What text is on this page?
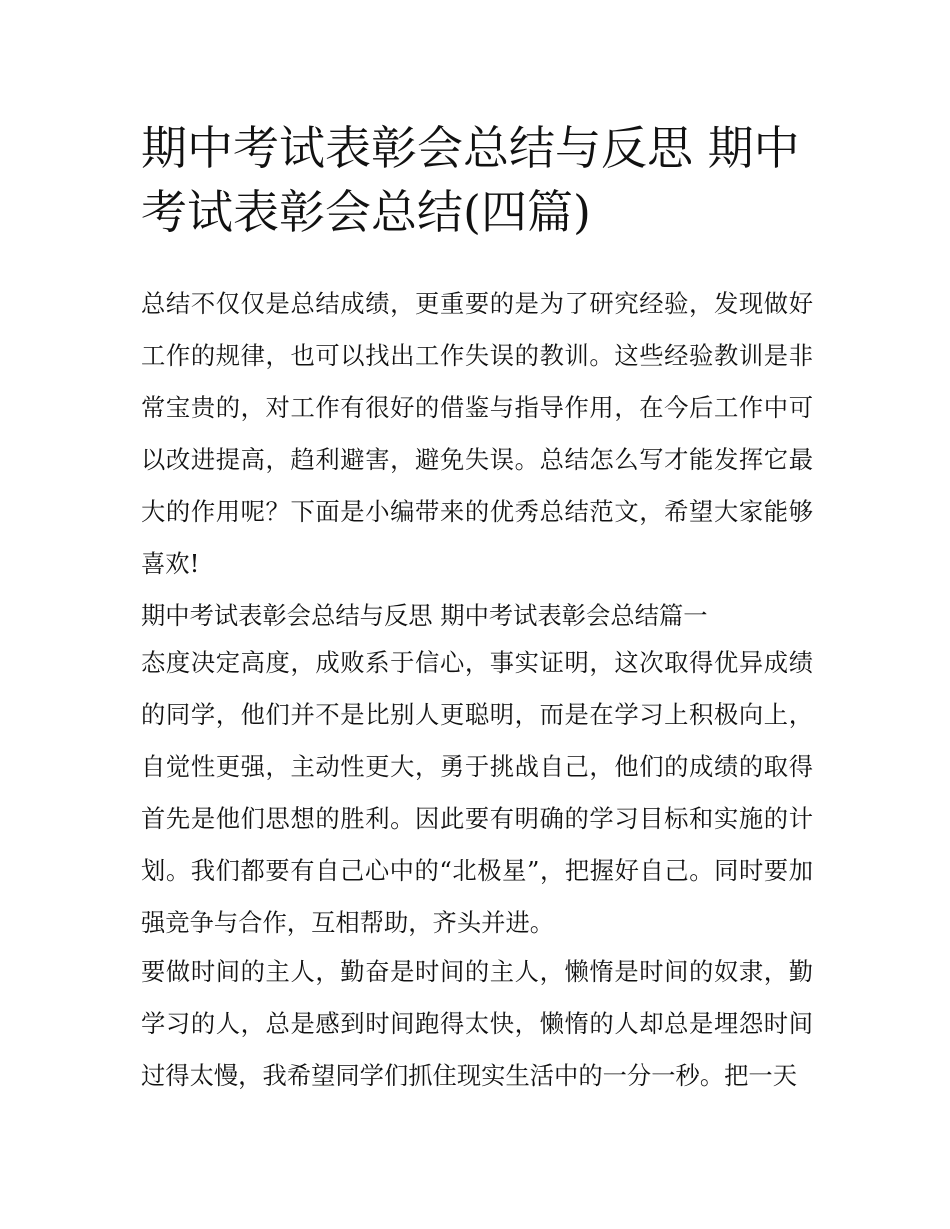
期中考试表彰会总结与反思 期中考试表彰会总结(四篇)

总结不仅仅是总结成绩，更重要的是为了研究经验，发现做好工作的规律，也可以找出工作失误的教训。这些经验教训是非常宝贵的，对工作有很好的借鉴与指导作用，在今后工作中可以改进提高，趋利避害，避免失误。总结怎么写才能发挥它最大的作用呢？下面是小编带来的优秀总结范文，希望大家能够喜欢!

期中考试表彰会总结与反思 期中考试表彰会总结篇一

态度决定高度，成败系于信心，事实证明，这次取得优异成绩的同学，他们并不是比别人更聪明，而是在学习上积极向上，自觉性更强，主动性更大，勇于挑战自己，他们的成绩的取得首先是他们思想的胜利。因此要有明确的学习目标和实施的计划。我们都要有自己心中的“北极星”，把握好自己。同时要加强竞争与合作，互相帮助，齐头并进。

要做时间的主人，勤奋是时间的主人，懒惰是时间的奴隶，勤学习的人，总是感到时间跑得太快，懒惰的人却总是埋怨时间过得太慢，我希望同学们抓住现实生活中的一分一秒。把一天
